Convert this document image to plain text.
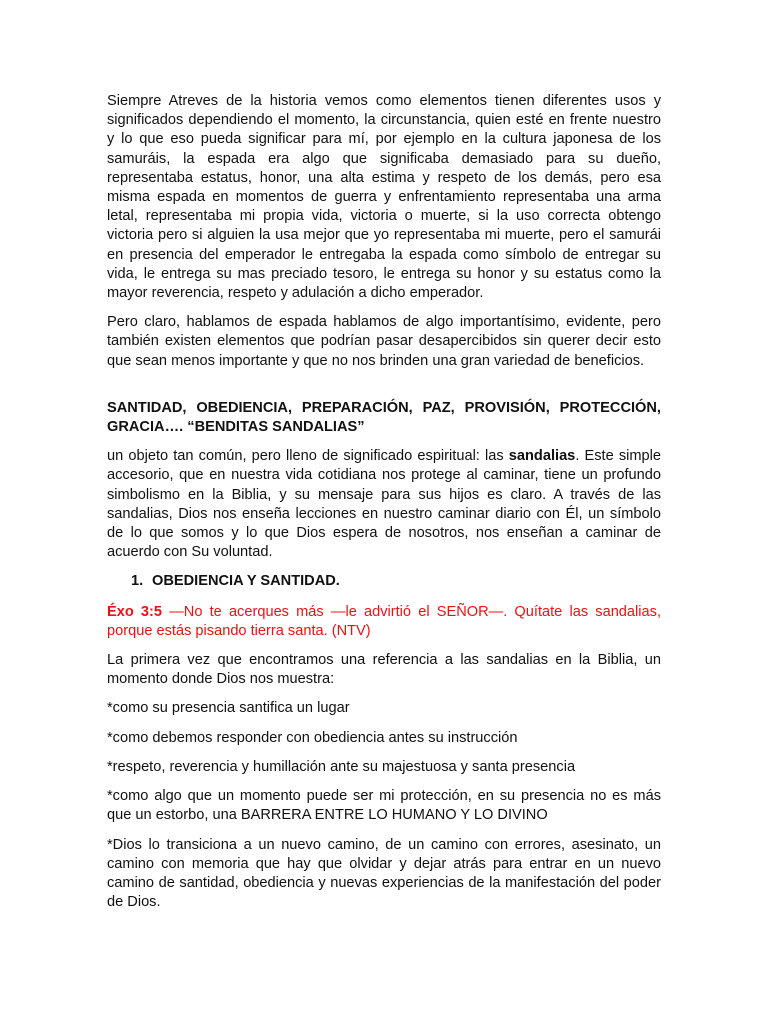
Siempre Atreves de la historia vemos como elementos tienen diferentes usos y significados dependiendo el momento, la circunstancia, quien esté en frente nuestro y lo que eso pueda significar para mí, por ejemplo en la cultura japonesa de los samuráis, la espada era algo que significaba demasiado para su dueño, representaba estatus, honor, una alta estima y respeto de los demás, pero esa misma espada en momentos de guerra y enfrentamiento representaba una arma letal, representaba mi propia vida, victoria o muerte, si la uso correcta obtengo victoria pero si alguien la usa mejor que yo representaba mi muerte, pero el samurái en presencia del emperador le entregaba la espada como símbolo de entregar su vida, le entrega su mas preciado tesoro, le entrega su honor y su estatus como la mayor reverencia, respeto y adulación a dicho emperador.

Pero claro, hablamos de espada hablamos de algo importantísimo, evidente, pero también existen elementos que podrían pasar desapercibidos sin querer decir esto que sean menos importante y que no nos brinden una gran variedad de beneficios.

SANTIDAD, OBEDIENCIA, PREPARACIÓN, PAZ, PROVISIÓN, PROTECCIÓN, GRACIA…. “BENDITAS SANDALIAS”

un objeto tan común, pero lleno de significado espiritual: las sandalias. Este simple accesorio, que en nuestra vida cotidiana nos protege al caminar, tiene un profundo simbolismo en la Biblia, y su mensaje para sus hijos es claro. A través de las sandalias, Dios nos enseña lecciones en nuestro caminar diario con Él, un símbolo de lo que somos y lo que Dios espera de nosotros, nos enseñan a caminar de acuerdo con Su voluntad.

1. OBEDIENCIA Y SANTIDAD.

Éxo 3:5 —No te acerques más —le advirtió el SEÑOR—. Quítate las sandalias, porque estás pisando tierra santa. (NTV)

La primera vez que encontramos una referencia a las sandalias en la Biblia, un momento donde Dios nos muestra:

*como su presencia santifica un lugar

*como debemos responder con obediencia antes su instrucción

*respeto, reverencia y humillación ante su majestuosa y santa presencia

*como algo que un momento puede ser mi protección, en su presencia no es más que un estorbo, una BARRERA ENTRE LO HUMANO Y LO DIVINO

*Dios lo transiciona a un nuevo camino, de un camino con errores, asesinato, un camino con memoria que hay que olvidar y dejar atrás para entrar en un nuevo camino de santidad, obediencia y nuevas experiencias de la manifestación del poder de Dios.
